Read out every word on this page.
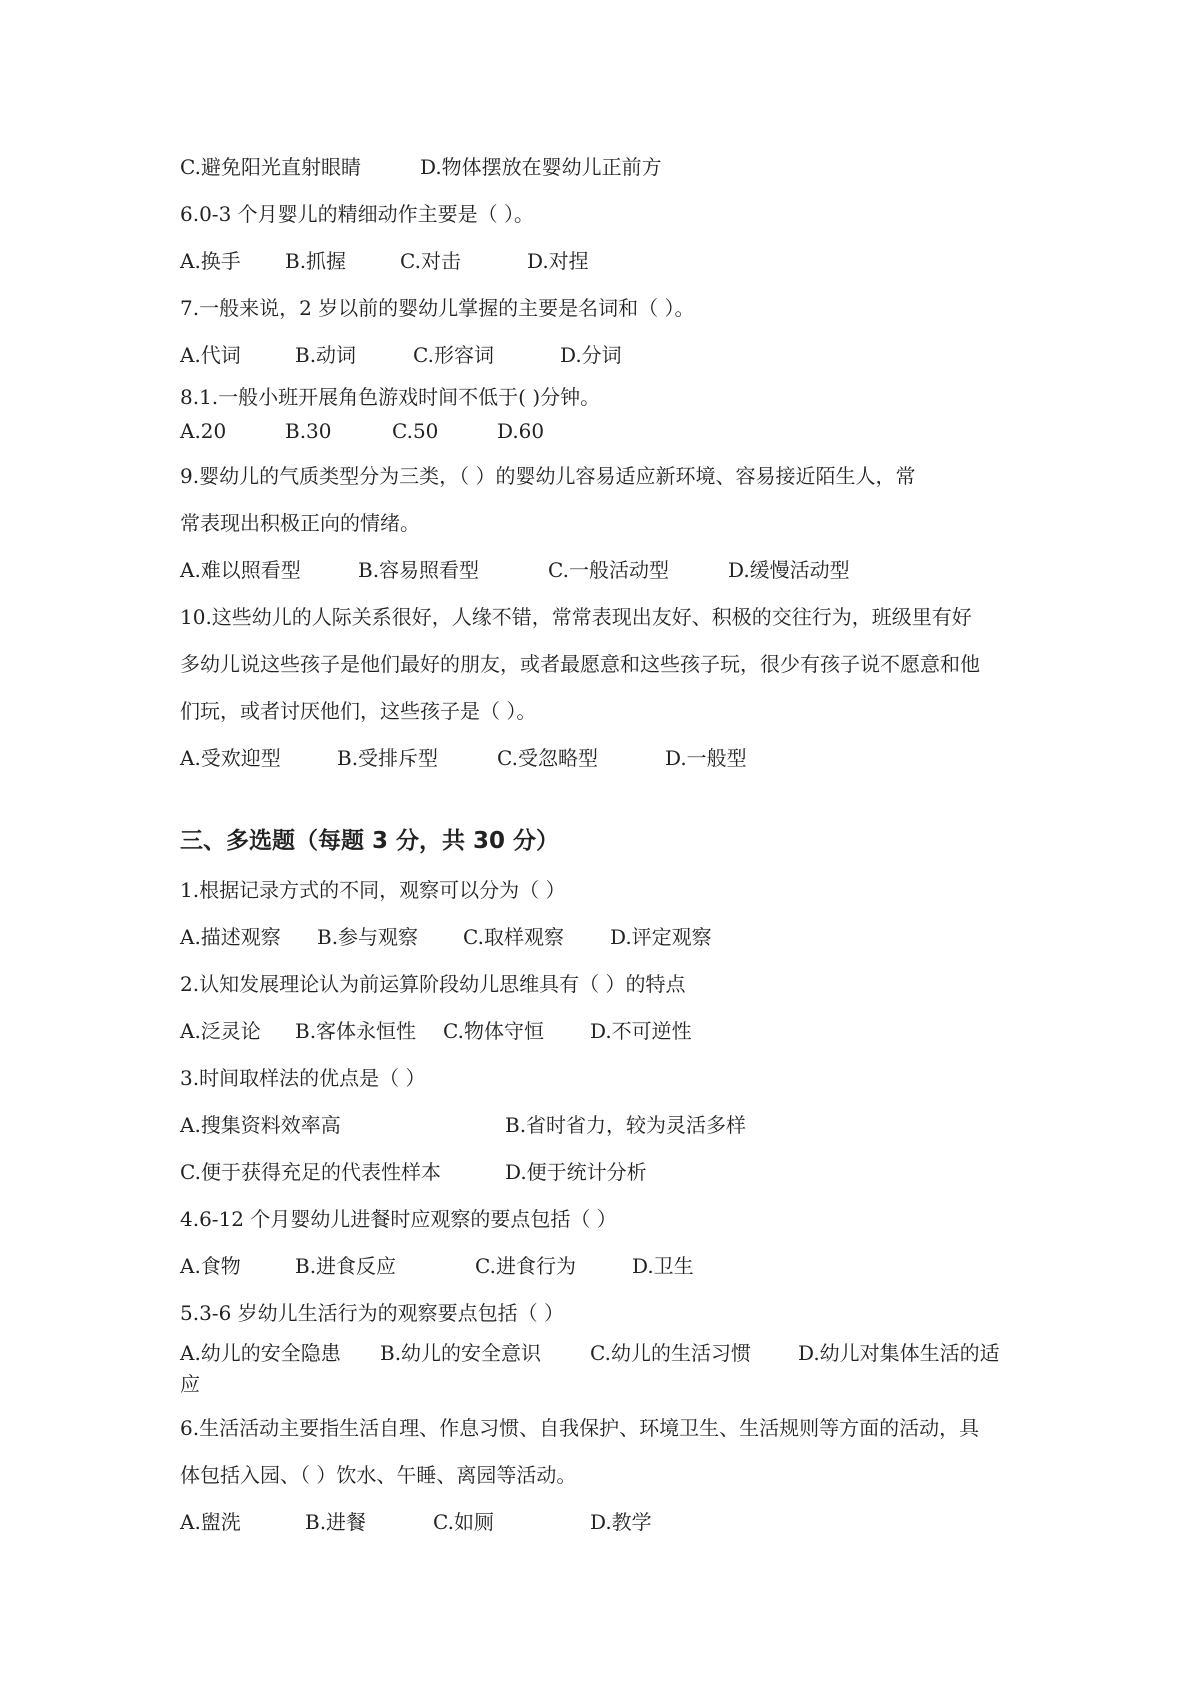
C.避免阳光直射眼睛	D.物体摆放在婴幼儿正前方
6.0-3 个月婴儿的精细动作主要是（ ）。
A.换手 B.抓握	C.对击	D.对捏
7.一般来说，2 岁以前的婴幼儿掌握的主要是名词和（ ）。
A.代词	B.动词	C.形容词	D.分词
8.1.一般小班开展角色游戏时间不低于( )分钟。
A.20	B.30	C.50	D.60
9.婴幼儿的气质类型分为三类，（ ）的婴幼儿容易适应新环境、容易接近陌生人，常
常表现出积极正向的情绪。
A.难以照看型	B.容易照看型	C.一般活动型	D.缓慢活动型
10.这些幼儿的人际关系很好，人缘不错，常常表现出友好、积极的交往行为，班级里有好
多幼儿说这些孩子是他们最好的朋友，或者最愿意和这些孩子玩，很少有孩子说不愿意和他
们玩，或者讨厌他们，这些孩子是（ ）。
A.受欢迎型	B.受排斥型	C.受忽略型	D.一般型
三、多选题（每题 3 分，共 30 分）
1.根据记录方式的不同，观察可以分为（ ）
A.描述观察 B.参与观察 C.取样观察 D.评定观察
2.认知发展理论认为前运算阶段幼儿思维具有（ ）的特点
A.泛灵论 B.客体永恒性 C.物体守恒 D.不可逆性
3.时间取样法的优点是（ ）
A.搜集资料效率高	B.省时省力，较为灵活多样
C.便于获得充足的代表性样本	D.便于统计分析
4.6-12 个月婴幼儿进餐时应观察的要点包括（ ）
A.食物	B.进食反应	C.进食行为	D.卫生
5.3-6 岁幼儿生活行为的观察要点包括（ ）
A.幼儿的安全隐患 B.幼儿的安全意识 C.幼儿的生活习惯 D.幼儿对集体生活的适
应
6.生活活动主要指生活自理、作息习惯、自我保护、环境卫生、生活规则等方面的活动，具
体包括入园、（ ）饮水、午睡、离园等活动。
A.盥洗	B.进餐	C.如厕	D.教学
